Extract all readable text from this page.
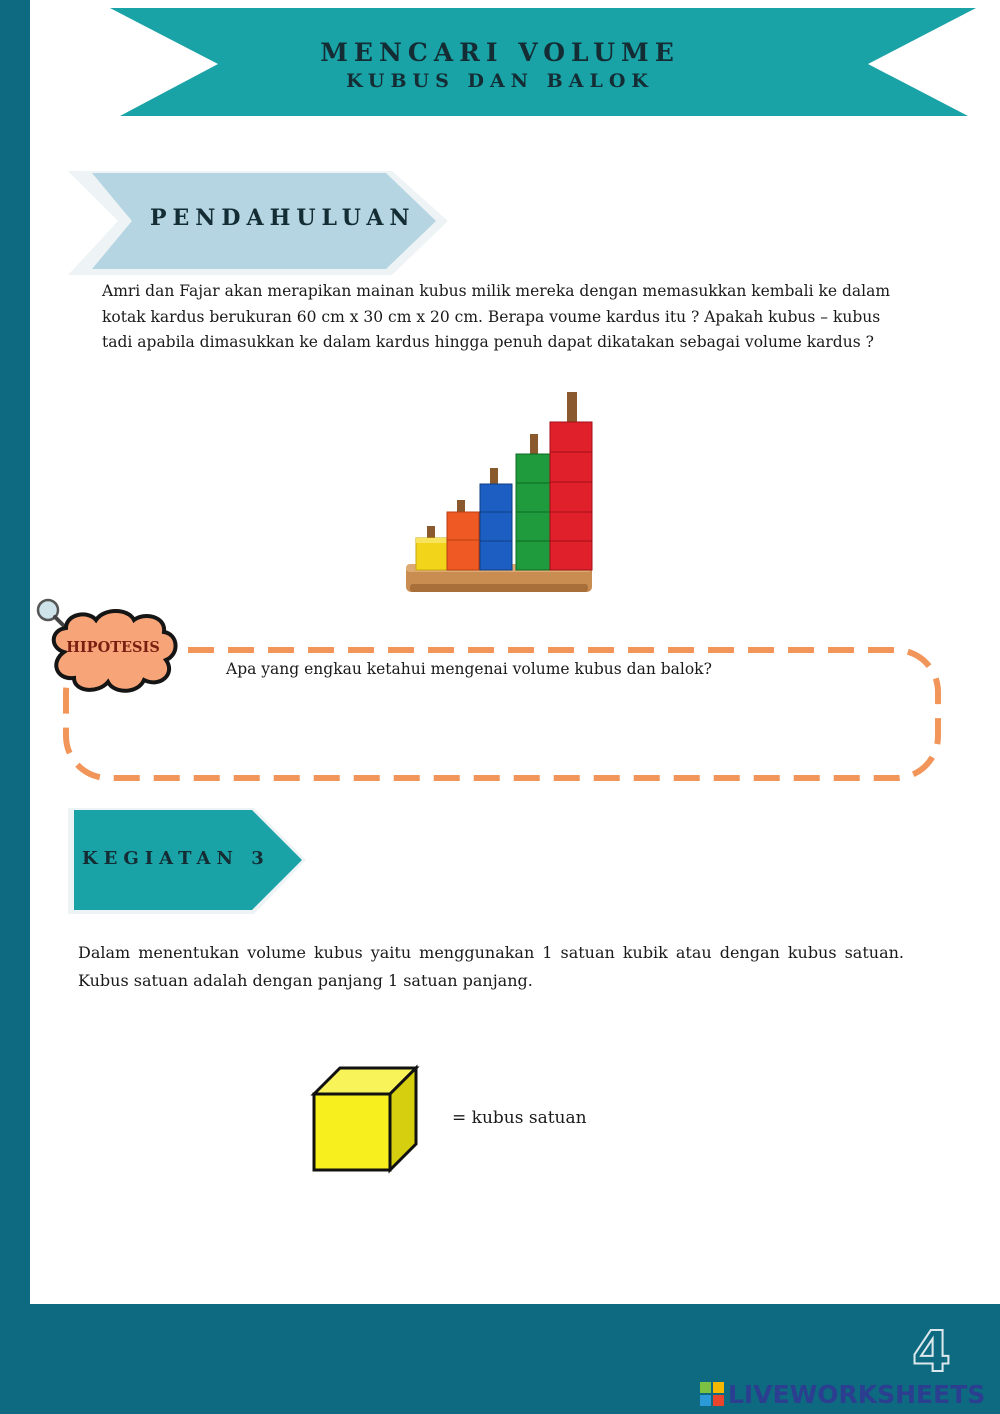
MENCARI VOLUME
KUBUS DAN BALOK
PENDAHULUAN
Amri dan Fajar akan merapikan mainan kubus milik mereka dengan memasukkan kembali ke dalam kotak kardus berukuran 60 cm x 30 cm x 20 cm. Berapa voume kardus itu ? Apakah kubus – kubus tadi apabila dimasukkan ke dalam kardus hingga penuh dapat dikatakan sebagai volume kardus ?
HIPOTESIS
Apa yang engkau ketahui mengenai volume kubus dan balok?
KEGIATAN 3
Dalam menentukan volume kubus yaitu menggunakan 1 satuan kubik atau dengan kubus satuan. Kubus satuan adalah dengan panjang 1 satuan panjang.
= kubus satuan
4
LIVEWORKSHEETS
